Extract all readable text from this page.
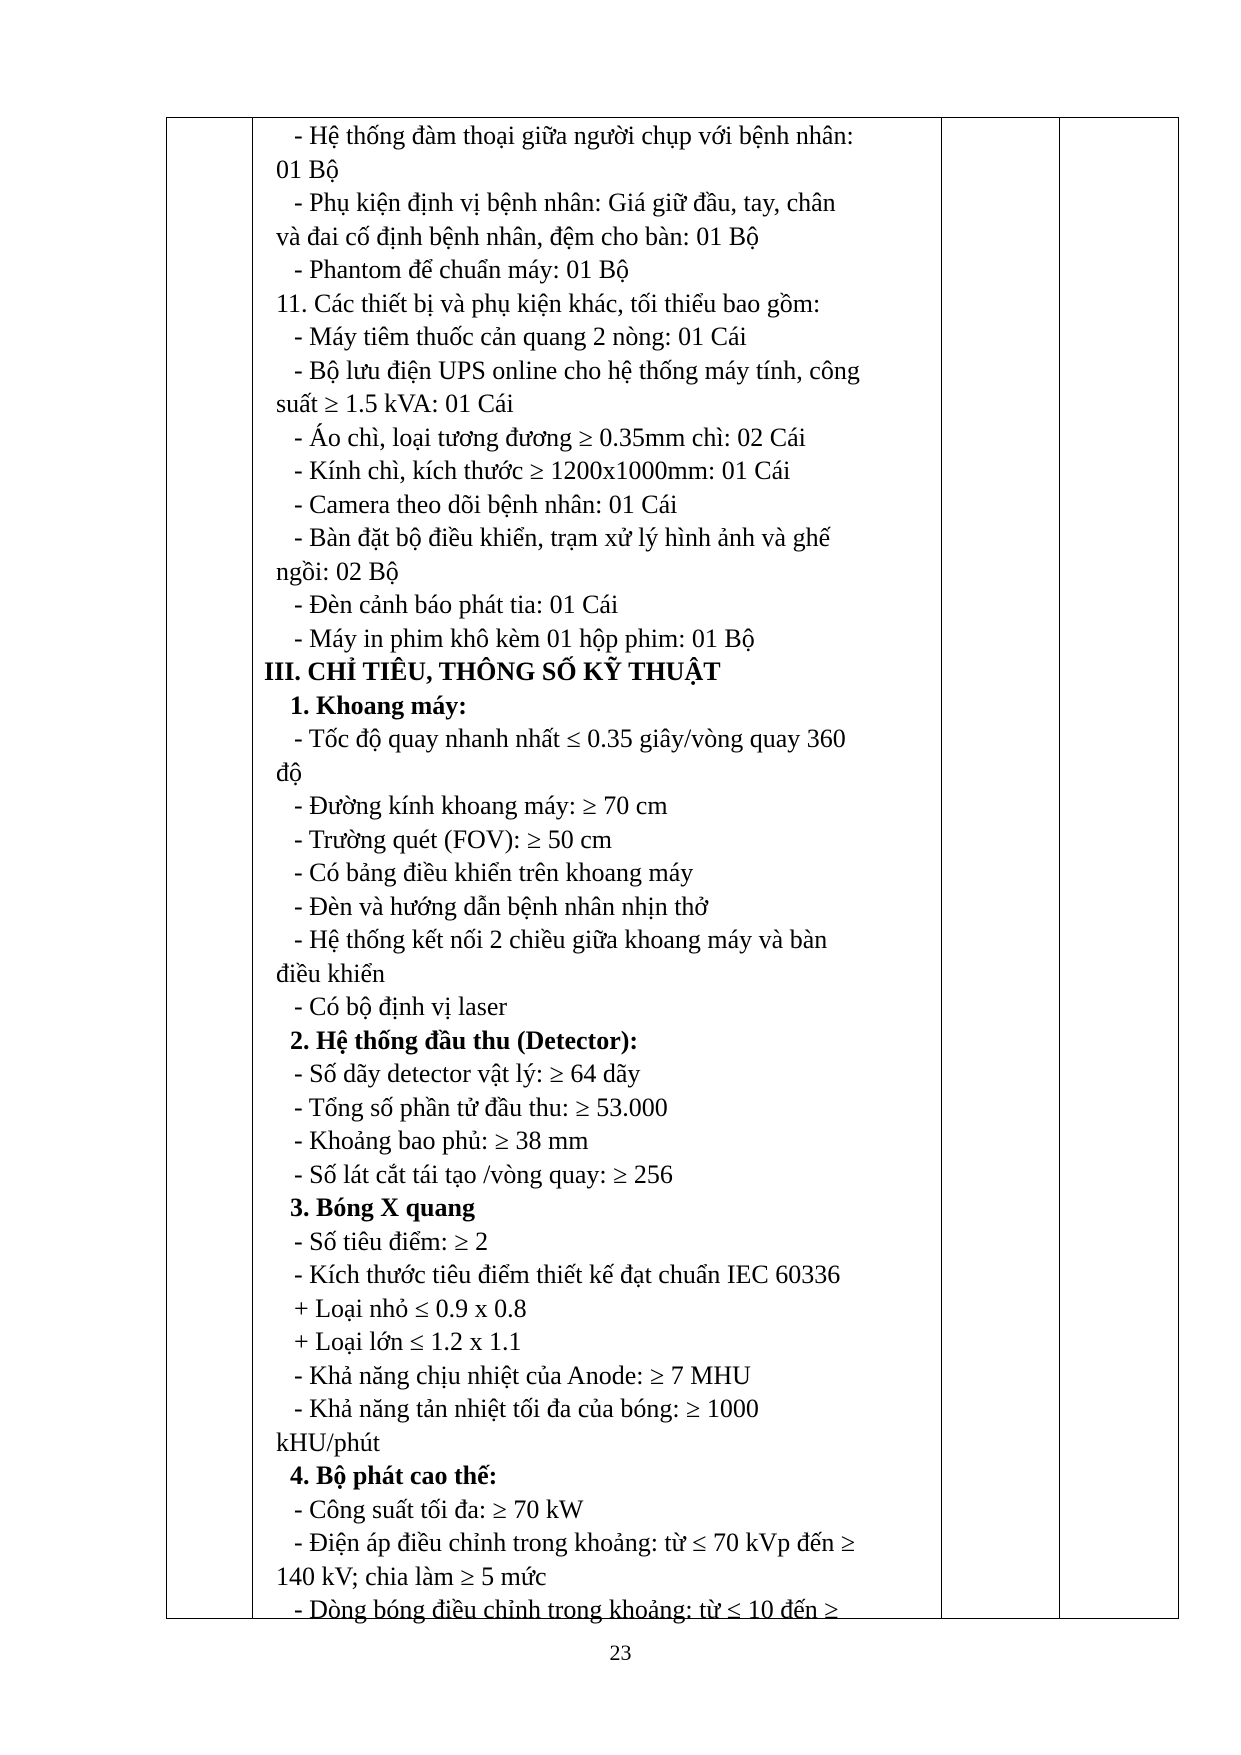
- Hệ thống đàm thoại giữa người chụp với bệnh nhân:
01 Bộ
- Phụ kiện định vị bệnh nhân: Giá giữ đầu, tay, chân
và đai cố định bệnh nhân, đệm cho bàn: 01 Bộ
- Phantom để chuẩn máy: 01 Bộ
11. Các thiết bị và phụ kiện khác, tối thiểu bao gồm:
- Máy tiêm thuốc cản quang 2 nòng: 01 Cái
- Bộ lưu điện UPS online cho hệ thống máy tính, công
suất ≥ 1.5 kVA: 01 Cái
- Áo chì, loại tương đương ≥ 0.35mm chì: 02 Cái
- Kính chì, kích thước ≥ 1200x1000mm: 01 Cái
- Camera theo dõi bệnh nhân: 01 Cái
- Bàn đặt bộ điều khiển, trạm xử lý hình ảnh và ghế
ngồi: 02 Bộ
- Đèn cảnh báo phát tia: 01 Cái
- Máy in phim khô kèm 01 hộp phim: 01 Bộ
III. CHỈ TIÊU, THÔNG SỐ KỸ THUẬT
1. Khoang máy:
- Tốc độ quay nhanh nhất ≤ 0.35 giây/vòng quay 360
độ
- Đường kính khoang máy: ≥ 70 cm
- Trường quét (FOV): ≥ 50 cm
- Có bảng điều khiển trên khoang máy
- Đèn và hướng dẫn bệnh nhân nhịn thở
- Hệ thống kết nối 2 chiều giữa khoang máy và bàn
điều khiển
- Có bộ định vị laser
2. Hệ thống đầu thu (Detector):
- Số dãy detector vật lý: ≥ 64 dãy
- Tổng số phần tử đầu thu: ≥ 53.000
- Khoảng bao phủ: ≥ 38 mm
- Số lát cắt tái tạo /vòng quay: ≥ 256
3. Bóng X quang
- Số tiêu điểm: ≥ 2
- Kích thước tiêu điểm thiết kế đạt chuẩn IEC 60336
+ Loại nhỏ ≤ 0.9 x 0.8
+ Loại lớn ≤ 1.2 x 1.1
- Khả năng chịu nhiệt của Anode: ≥ 7 MHU
- Khả năng tản nhiệt tối đa của bóng: ≥ 1000
kHU/phút
4. Bộ phát cao thế:
- Công suất tối đa: ≥ 70 kW
- Điện áp điều chỉnh trong khoảng: từ ≤ 70 kVp đến ≥
140 kV; chia làm ≥ 5 mức
- Dòng bóng điều chỉnh trong khoảng: từ ≤ 10 đến ≥
23
